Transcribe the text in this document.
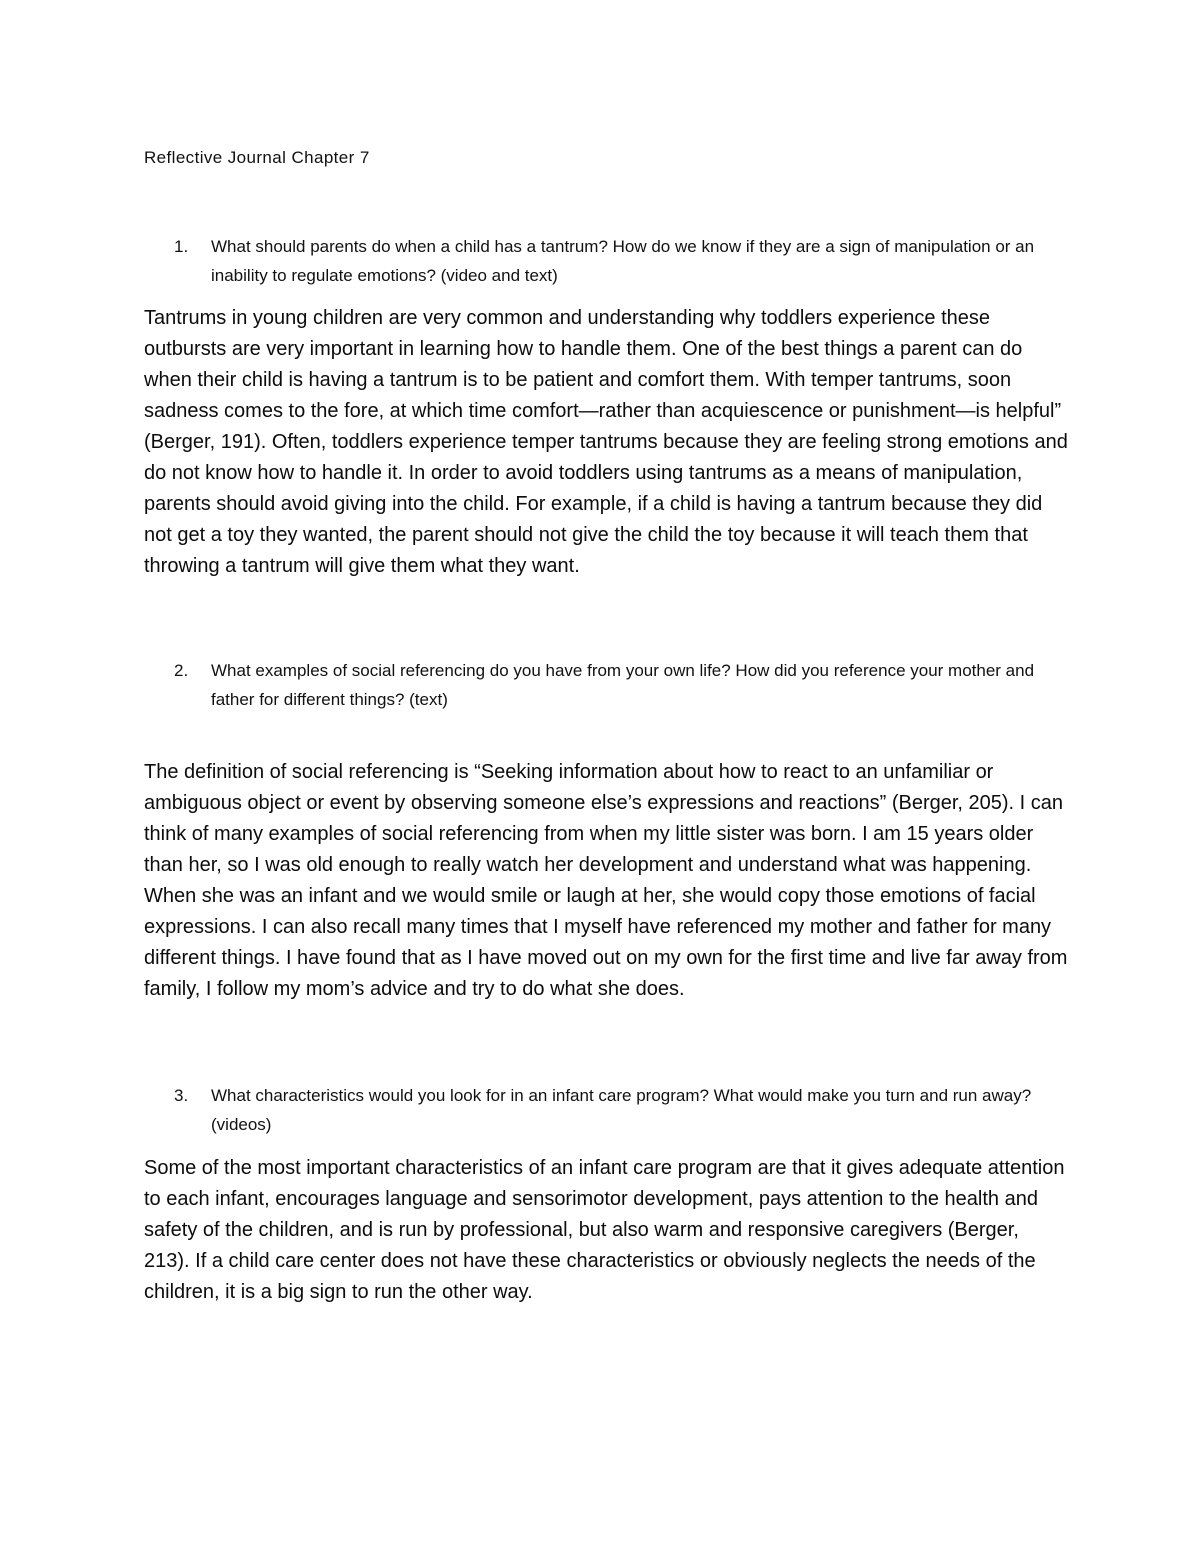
Reflective Journal Chapter 7
1. What should parents do when a child has a tantrum? How do we know if they are a sign of manipulation or an inability to regulate emotions? (video and text)

Tantrums in young children are very common and understanding why toddlers experience these outbursts are very important in learning how to handle them. One of the best things a parent can do when their child is having a tantrum is to be patient and comfort them. With temper tantrums, soon sadness comes to the fore, at which time comfort—rather than acquiescence or punishment—is helpful” (Berger, 191). Often, toddlers experience temper tantrums because they are feeling strong emotions and do not know how to handle it. In order to avoid toddlers using tantrums as a means of manipulation, parents should avoid giving into the child. For example, if a child is having a tantrum because they did not get a toy they wanted, the parent should not give the child the toy because it will teach them that throwing a tantrum will give them what they want.

2. What examples of social referencing do you have from your own life? How did you reference your mother and father for different things? (text)

The definition of social referencing is “Seeking information about how to react to an unfamiliar or ambiguous object or event by observing someone else’s expressions and reactions” (Berger, 205). I can think of many examples of social referencing from when my little sister was born. I am 15 years older than her, so I was old enough to really watch her development and understand what was happening. When she was an infant and we would smile or laugh at her, she would copy those emotions of facial expressions. I can also recall many times that I myself have referenced my mother and father for many different things. I have found that as I have moved out on my own for the first time and live far away from family, I follow my mom’s advice and try to do what she does.

3. What characteristics would you look for in an infant care program? What would make you turn and run away? (videos)

Some of the most important characteristics of an infant care program are that it gives adequate attention to each infant, encourages language and sensorimotor development, pays attention to the health and safety of the children, and is run by professional, but also warm and responsive caregivers (Berger, 213). If a child care center does not have these characteristics or obviously neglects the needs of the children, it is a big sign to run the other way.
